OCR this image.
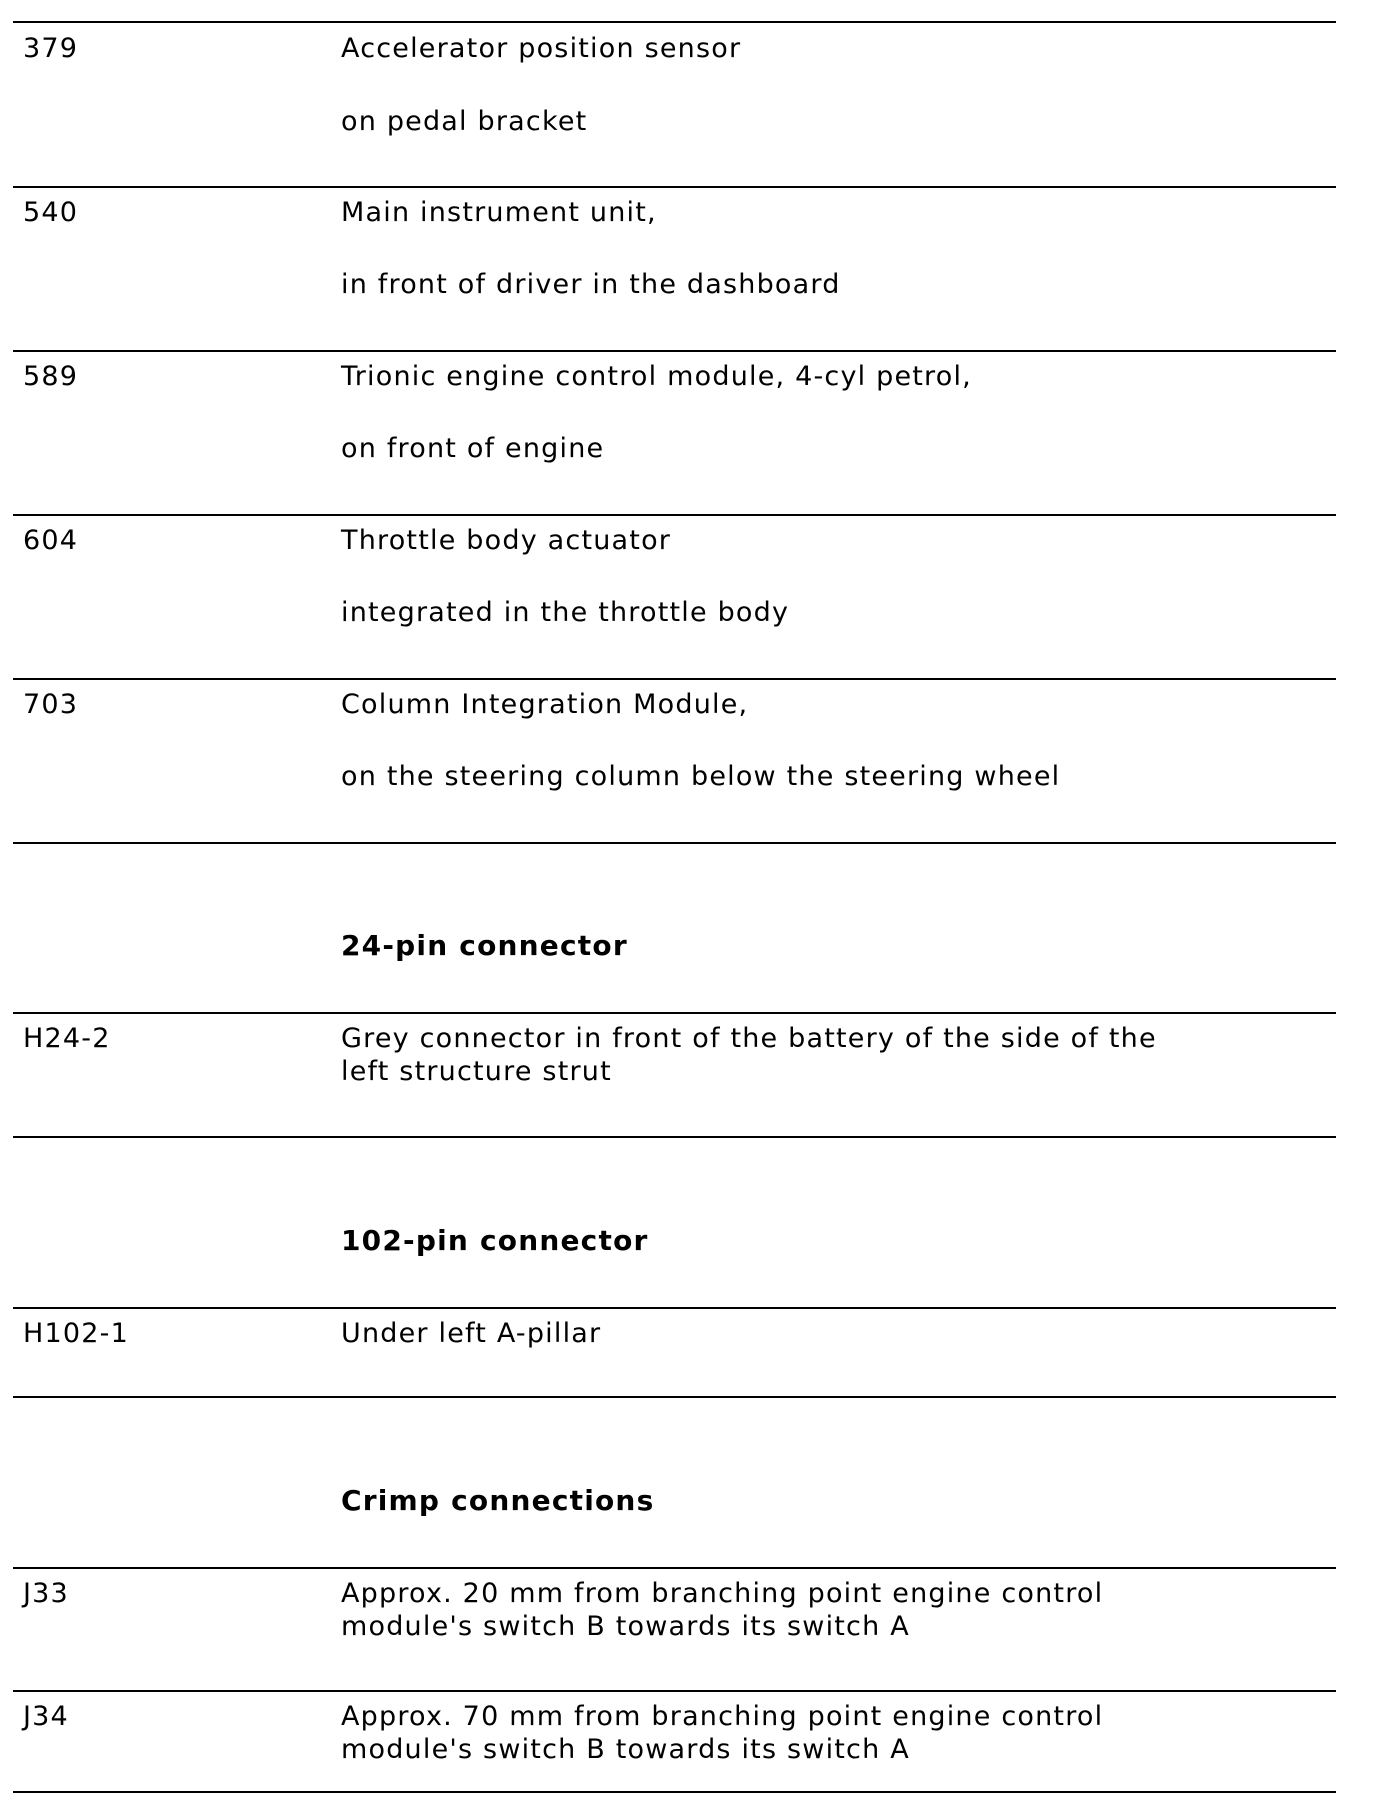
379	Accelerator position sensor
on pedal bracket
540	Main instrument unit,
in front of driver in the dashboard
589	Trionic engine control module, 4-cyl petrol,
on front of engine
604	Throttle body actuator
integrated in the throttle body
703	Column Integration Module,
on the steering column below the steering wheel
24-pin connector
H24-2	Grey connector in front of the battery of the side of the
left structure strut
102-pin connector
H102-1	Under left A-pillar
Crimp connections
J33	Approx. 20 mm from branching point engine control
module's switch B towards its switch A
J34	Approx. 70 mm from branching point engine control
module's switch B towards its switch A
